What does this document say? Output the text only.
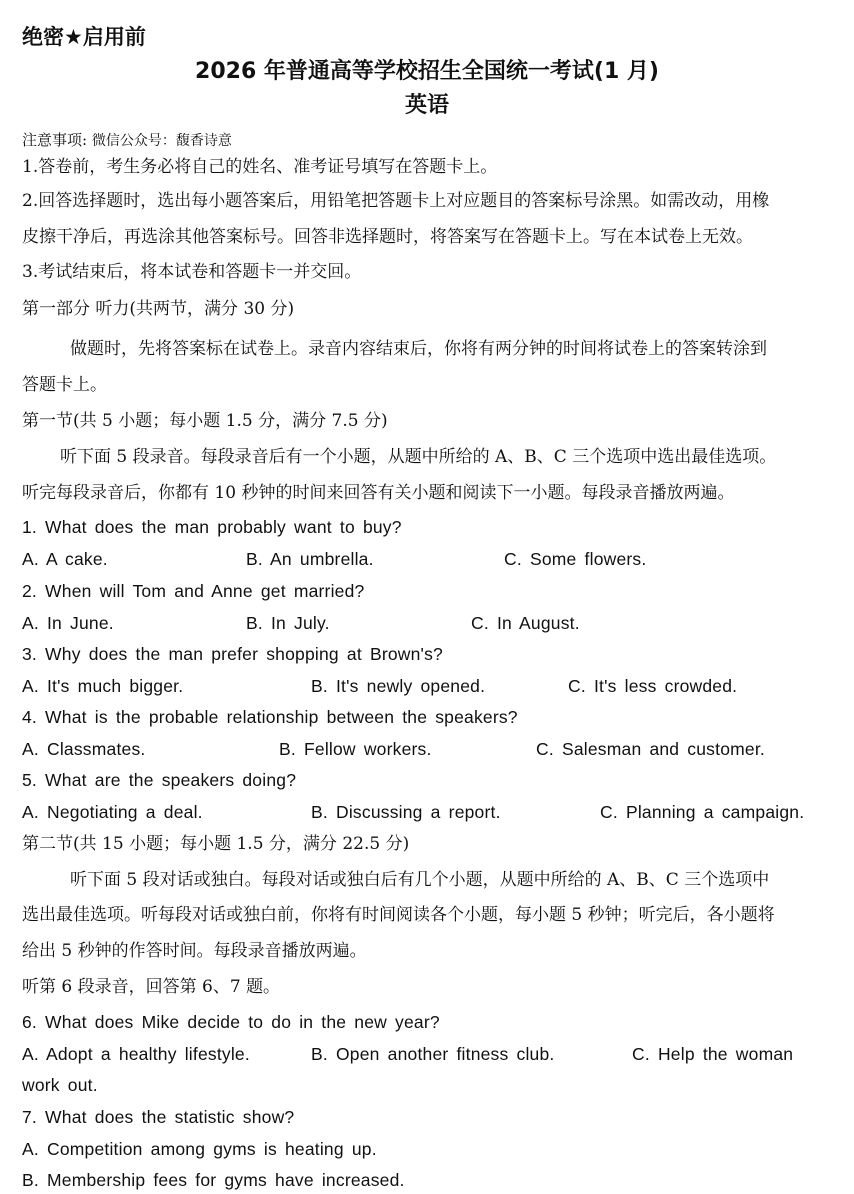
绝密★启用前
2026 年普通高等学校招生全国统一考试(1 月)
英语
注意事项: 微信公众号：馥香诗意
1.答卷前，考生务必将自己的姓名、准考证号填写在答题卡上。
2.回答选择题时，选出每小题答案后，用铅笔把答题卡上对应题目的答案标号涂黑。如需改动，用橡
皮擦干净后，再选涂其他答案标号。回答非选择题时，将答案写在答题卡上。写在本试卷上无效。
3.考试结束后，将本试卷和答题卡一并交回。
第一部分 听力(共两节，满分 30 分)
做题时，先将答案标在试卷上。录音内容结束后，你将有两分钟的时间将试卷上的答案转涂到
答题卡上。
第一节(共 5 小题；每小题 1.5 分，满分 7.5 分)
听下面 5 段录音。每段录音后有一个小题，从题中所给的 A、B、C 三个选项中选出最佳选项。
听完每段录音后，你都有 10 秒钟的时间来回答有关小题和阅读下一小题。每段录音播放两遍。
1. What does the man probably want to buy?
A. A cake.	B. An umbrella.	C. Some flowers.
2. When will Tom and Anne get married?
A. In June.	B. In July.	C. In August.
3. Why does the man prefer shopping at Brown's?
A. It's much bigger.	B. It's newly opened.	C. It's less crowded.
4. What is the probable relationship between the speakers?
A. Classmates.	B. Fellow workers.	C. Salesman and customer.
5. What are the speakers doing?
A. Negotiating a deal.	B. Discussing a report.	C. Planning a campaign.
第二节(共 15 小题；每小题 1.5 分，满分 22.5 分)
听下面 5 段对话或独白。每段对话或独白后有几个小题，从题中所给的 A、B、C 三个选项中
选出最佳选项。听每段对话或独白前，你将有时间阅读各个小题，每小题 5 秒钟；听完后，各小题将
给出 5 秒钟的作答时间。每段录音播放两遍。
听第 6 段录音，回答第 6、7 题。
6. What does Mike decide to do in the new year?
A. Adopt a healthy lifestyle.	B. Open another fitness club.	C. Help the woman
work out.
7. What does the statistic show?
A. Competition among gyms is heating up.
B. Membership fees for gyms have increased.
